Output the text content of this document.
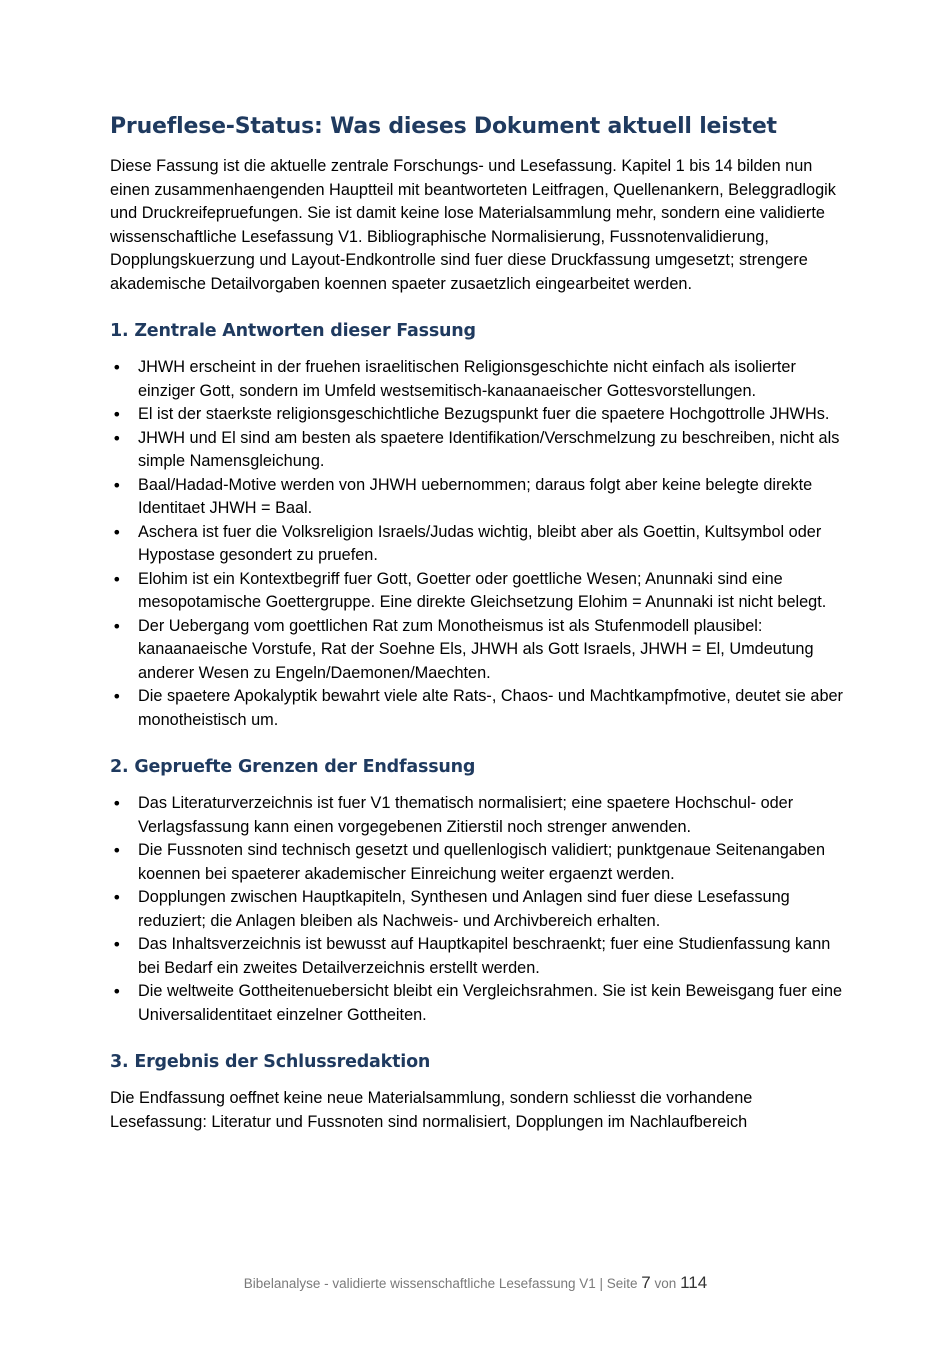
Prueflese-Status: Was dieses Dokument aktuell leistet

Diese Fassung ist die aktuelle zentrale Forschungs- und Lesefassung. Kapitel 1 bis 14 bilden nun einen zusammenhaengenden Hauptteil mit beantworteten Leitfragen, Quellenankern, Beleggradlogik und Druckreifepruefungen. Sie ist damit keine lose Materialsammlung mehr, sondern eine validierte wissenschaftliche Lesefassung V1. Bibliographische Normalisierung, Fussnotenvalidierung, Dopplungskuerzung und Layout-Endkontrolle sind fuer diese Druckfassung umgesetzt; strengere akademische Detailvorgaben koennen spaeter zusaetzlich eingearbeitet werden.

1. Zentrale Antworten dieser Fassung
• JHWH erscheint in der fruehen israelitischen Religionsgeschichte nicht einfach als isolierter einziger Gott, sondern im Umfeld westsemitisch-kanaanaeischer Gottesvorstellungen.
• El ist der staerkste religionsgeschichtliche Bezugspunkt fuer die spaetere Hochgottrolle JHWHs.
• JHWH und El sind am besten als spaetere Identifikation/Verschmelzung zu beschreiben, nicht als simple Namensgleichung.
• Baal/Hadad-Motive werden von JHWH uebernommen; daraus folgt aber keine belegte direkte Identitaet JHWH = Baal.
• Aschera ist fuer die Volksreligion Israels/Judas wichtig, bleibt aber als Goettin, Kultsymbol oder Hypostase gesondert zu pruefen.
• Elohim ist ein Kontextbegriff fuer Gott, Goetter oder goettliche Wesen; Anunnaki sind eine mesopotamische Goettergruppe. Eine direkte Gleichsetzung Elohim = Anunnaki ist nicht belegt.
• Der Uebergang vom goettlichen Rat zum Monotheismus ist als Stufenmodell plausibel: kanaanaeische Vorstufe, Rat der Soehne Els, JHWH als Gott Israels, JHWH = El, Umdeutung anderer Wesen zu Engeln/Daemonen/Maechten.
• Die spaetere Apokalyptik bewahrt viele alte Rats-, Chaos- und Machtkampfmotive, deutet sie aber monotheistisch um.
2. Gepruefte Grenzen der Endfassung
• Das Literaturverzeichnis ist fuer V1 thematisch normalisiert; eine spaetere Hochschul- oder Verlagsfassung kann einen vorgegebenen Zitierstil noch strenger anwenden.
• Die Fussnoten sind technisch gesetzt und quellenlogisch validiert; punktgenaue Seitenangaben koennen bei spaeterer akademischer Einreichung weiter ergaenzt werden.
• Dopplungen zwischen Hauptkapiteln, Synthesen und Anlagen sind fuer diese Lesefassung reduziert; die Anlagen bleiben als Nachweis- und Archivbereich erhalten.
• Das Inhaltsverzeichnis ist bewusst auf Hauptkapitel beschraenkt; fuer eine Studienfassung kann bei Bedarf ein zweites Detailverzeichnis erstellt werden.
• Die weltweite Gottheitenuebersicht bleibt ein Vergleichsrahmen. Sie ist kein Beweisgang fuer eine Universalidentitaet einzelner Gottheiten.
3. Ergebnis der Schlussredaktion

Die Endfassung oeffnet keine neue Materialsammlung, sondern schliesst die vorhandene Lesefassung: Literatur und Fussnoten sind normalisiert, Dopplungen im Nachlaufbereich

Bibelanalyse - validierte wissenschaftliche Lesefassung V1 | Seite 7 von 114
